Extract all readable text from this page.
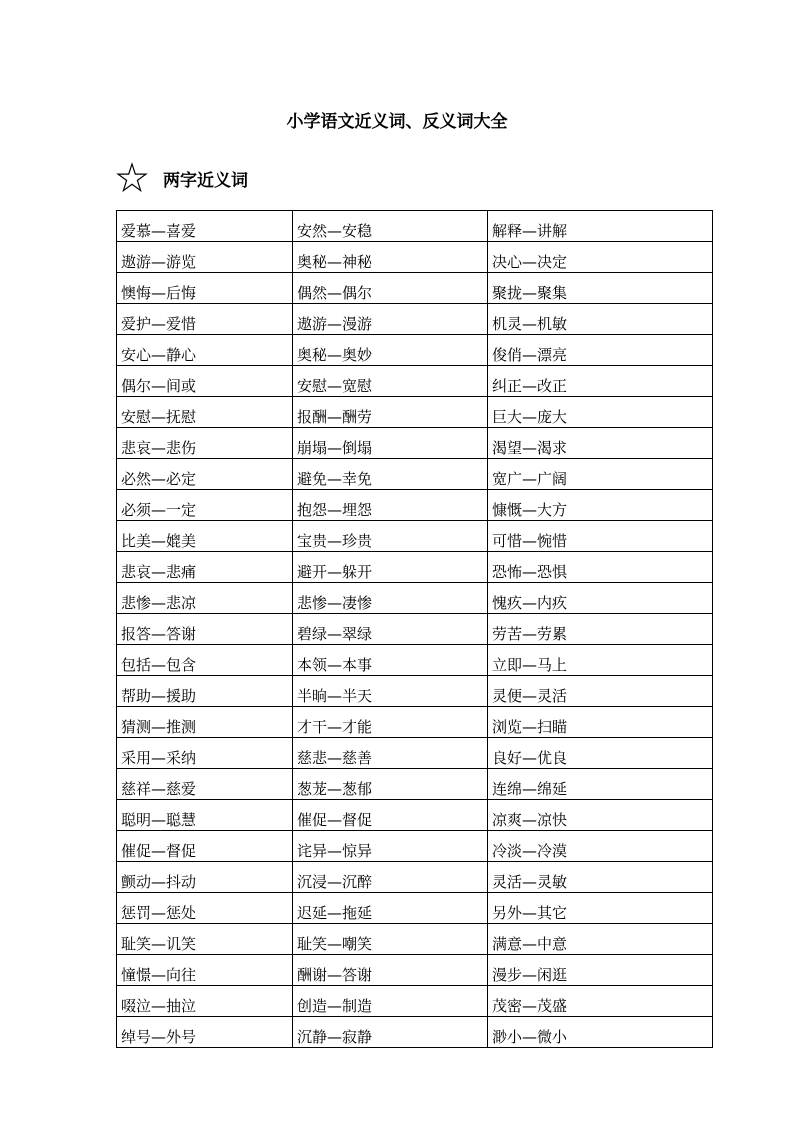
小学语文近义词、反义词大全
两字近义词
爱慕—喜爱	安然—安稳	解释—讲解
遨游—游览	奥秘—神秘	决心—决定
懊悔—后悔	偶然—偶尔	聚拢—聚集
爱护—爱惜	遨游—漫游	机灵—机敏
安心—静心	奥秘—奥妙	俊俏—漂亮
偶尔—间或	安慰—宽慰	纠正—改正
安慰—抚慰	报酬—酬劳	巨大—庞大
悲哀—悲伤	崩塌—倒塌	渴望—渴求
必然—必定	避免—幸免	宽广—广阔
必须—一定	抱怨—埋怨	慷慨—大方
比美—媲美	宝贵—珍贵	可惜—惋惜
悲哀—悲痛	避开—躲开	恐怖—恐惧
悲惨—悲凉	悲惨—凄惨	愧疚—内疚
报答—答谢	碧绿—翠绿	劳苦—劳累
包括—包含	本领—本事	立即—马上
帮助—援助	半晌—半天	灵便—灵活
猜测—推测	才干—才能	浏览—扫瞄
采用—采纳	慈悲—慈善	良好—优良
慈祥—慈爱	葱茏—葱郁	连绵—绵延
聪明—聪慧	催促—督促	凉爽—凉快
催促—督促	诧异—惊异	冷淡—冷漠
颤动—抖动	沉浸—沉醉	灵活—灵敏
惩罚—惩处	迟延—拖延	另外—其它
耻笑—讥笑	耻笑—嘲笑	满意—中意
憧憬—向往	酬谢—答谢	漫步—闲逛
啜泣—抽泣	创造—制造	茂密—茂盛
绰号—外号	沉静—寂静	渺小—微小
